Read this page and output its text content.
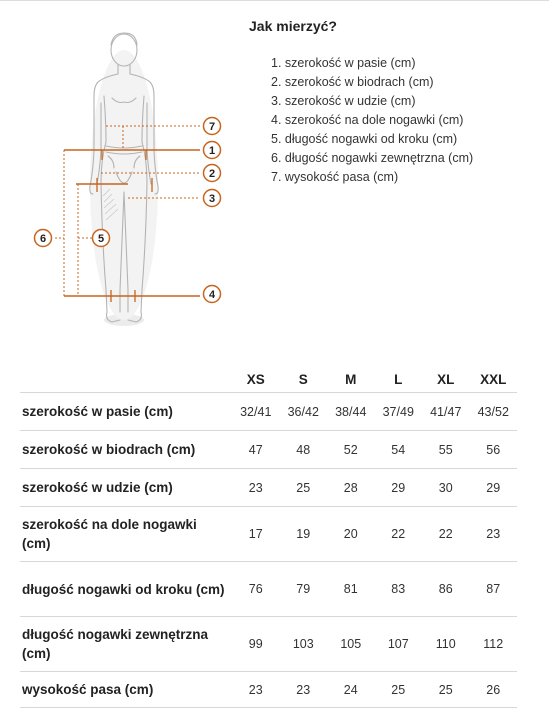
7
1
2
3
4
5
6
Jak mierzyć?
1. szerokość w pasie (cm)
2. szerokość w biodrach (cm)
3. szerokość w udzie (cm)
4. szerokość na dole nogawki (cm)
5. długość nogawki od kroku (cm)
6. długość nogawki zewnętrzna (cm)
7. wysokość pasa (cm)
	XS	S	M	L	XL	XXL
szerokość w pasie (cm)	32/41	36/42	38/44	37/49	41/47	43/52
szerokość w biodrach (cm)	47	48	52	54	55	56
szerokość w udzie (cm)	23	25	28	29	30	29
szerokość na dole nogawki (cm)	17	19	20	22	22	23
długość nogawki od kroku (cm)	76	79	81	83	86	87
długość nogawki zewnętrzna (cm)	99	103	105	107	110	112
wysokość pasa (cm)	23	23	24	25	25	26
